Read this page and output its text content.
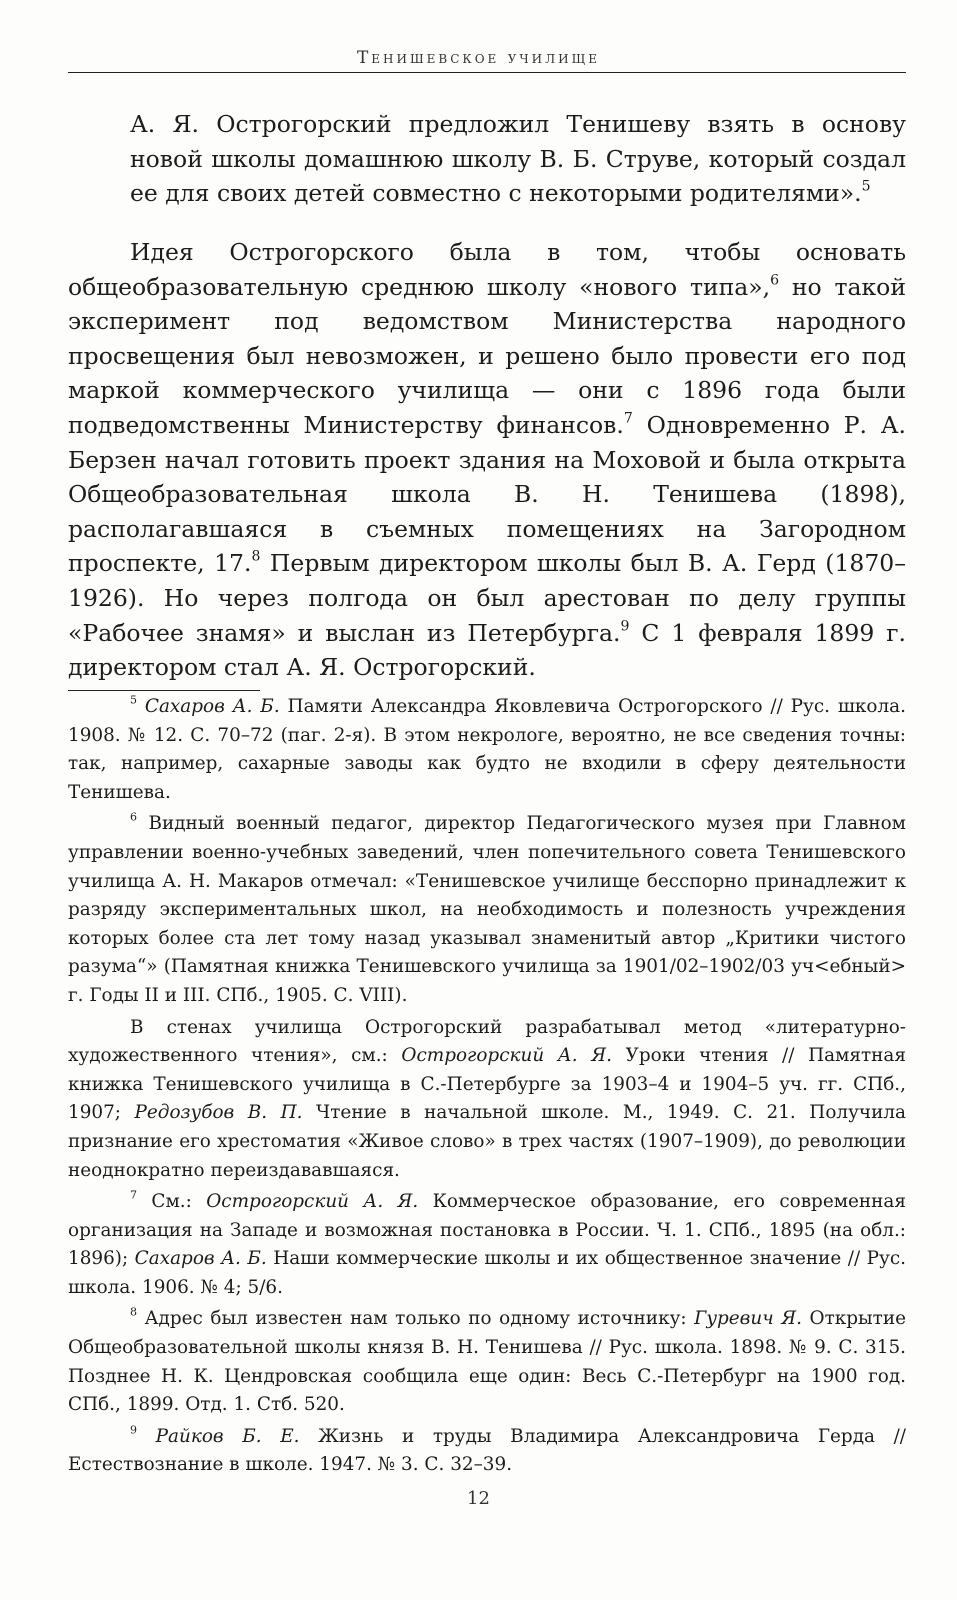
Тенишевское училище

А. Я. Острогорский предложил Тенишеву взять в основу новой школы домашнюю школу В. Б. Струве, который создал ее для своих детей совместно с некоторыми родителями».$^5$

Идея Острогорского была в том, чтобы основать общеобразовательную среднюю школу «нового типа»,$^6$ но такой эксперимент под ведомством Министерства народного просвещения был невозможен, и решено было провести его под маркой коммерческого училища — они с 1896 года были подведомственны Министерству финансов.$^7$ Одновременно Р. А. Берзен начал готовить проект здания на Моховой и была открыта Общеобразовательная школа В. Н. Тенишева (1898), располагавшаяся в съемных помещениях на Загородном проспекте, 17.$^8$ Первым директором школы был В. А. Герд (1870–1926). Но через полгода он был арестован по делу группы «Рабочее знамя» и выслан из Петербурга.$^9$ С 1 февраля 1899 г. директором стал А. Я. Острогорский.

$^5$ Сахаров А. Б. Памяти Александра Яковлевича Острогорского // Рус. школа. 1908. № 12. С. 70–72 (паг. 2-я). В этом некрологе, вероятно, не все сведения точны: так, например, сахарные заводы как будто не входили в сферу деятельности Тенишева.

$^6$ Видный военный педагог, директор Педагогического музея при Главном управлении военно-учебных заведений, член попечительного совета Тенишевского училища А. Н. Макаров отмечал: «Тенишевское училище бесспорно принадлежит к разряду экспериментальных школ, на необходимость и полезность учреждения которых более ста лет тому назад указывал знаменитый автор „Критики чистого разума“» (Памятная книжка Тенишевского училища за 1901/02–1902/03 уч<ебный> г. Годы II и III. СПб., 1905. С. VIII).

В стенах училища Острогорский разрабатывал метод «литературно-художественного чтения», см.: Острогорский А. Я. Уроки чтения // Памятная книжка Тенишевского училища в С.-Петербурге за 1903–4 и 1904–5 уч. гг. СПб., 1907; Редозубов В. П. Чтение в начальной школе. М., 1949. С. 21. Получила признание его хрестоматия «Живое слово» в трех частях (1907–1909), до революции неоднократно переиздававшаяся.

$^7$ См.: Острогорский А. Я. Коммерческое образование, его современная организация на Западе и возможная постановка в России. Ч. 1. СПб., 1895 (на обл.: 1896); Сахаров А. Б. Наши коммерческие школы и их общественное значение // Рус. школа. 1906. № 4; 5/6.

$^8$ Адрес был известен нам только по одному источнику: Гуревич Я. Открытие Общеобразовательной школы князя В. Н. Тенишева // Рус. школа. 1898. № 9. С. 315. Позднее Н. К. Цендровская сообщила еще один: Весь С.-Петербург на 1900 год. СПб., 1899. Отд. 1. Стб. 520.

$^9$ Райков Б. Е. Жизнь и труды Владимира Александровича Герда // Естествознание в школе. 1947. № 3. С. 32–39.

12
